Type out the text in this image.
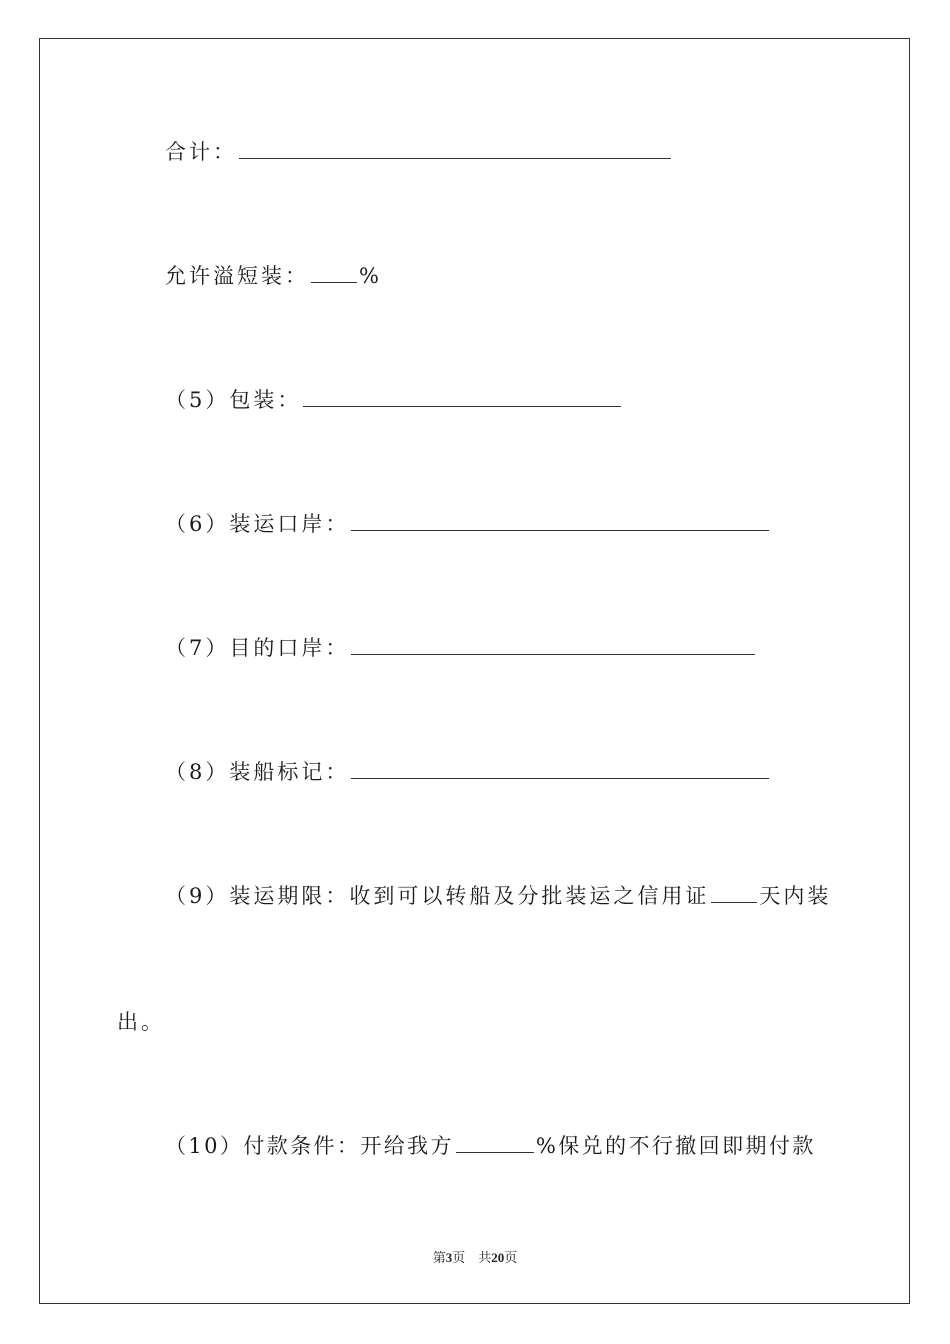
合计：
允许溢短装： %
（5）包装：
（6）装运口岸：
（7）目的口岸：
（8）装船标记：
（9）装运期限：收到可以转船及分批装运之信用证 天内装
出。
（10）付款条件：开给我方	%保兑的不行撤回即期付款
第3页　共20页
